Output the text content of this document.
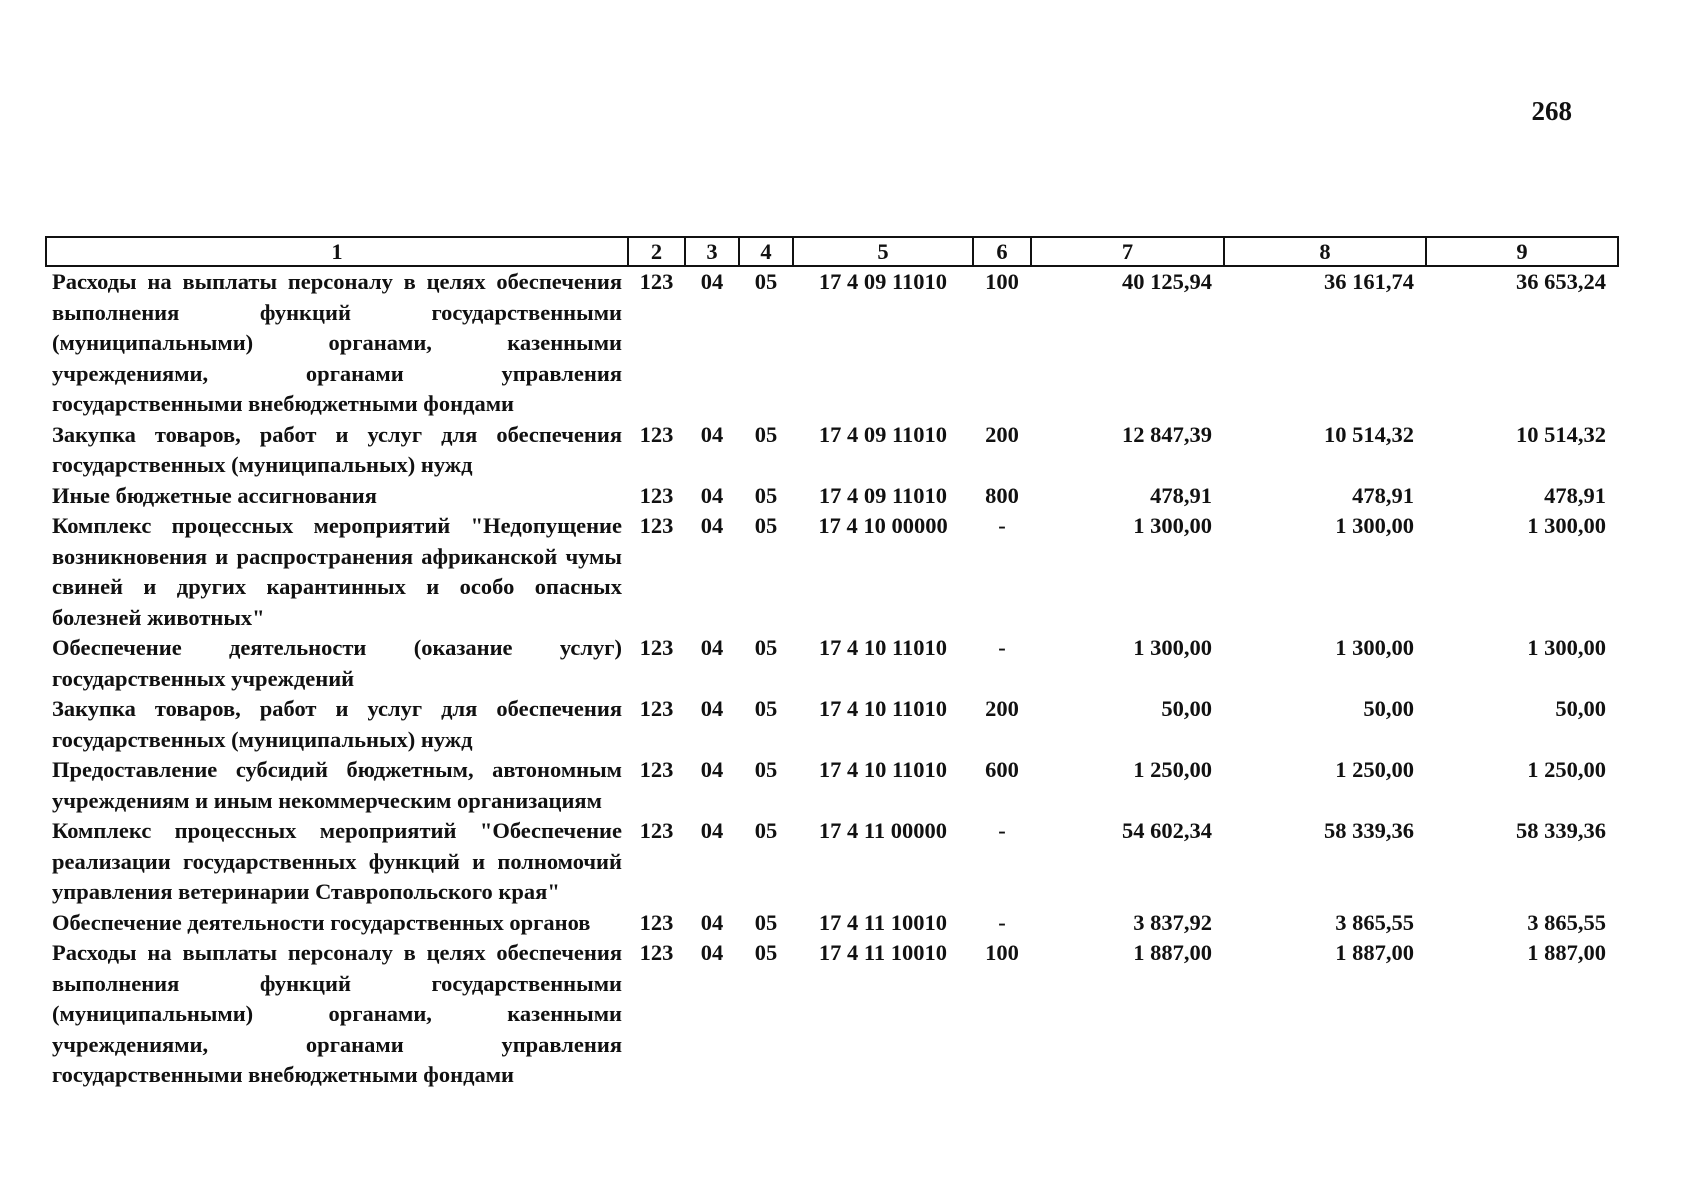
268
1	2	3	4	5	6	7	8	9
Расходы на выплаты персоналу в целях обеспечения выполнения функций государственными (муниципальными) органами, казенными учреждениями, органами управления государственными внебюджетными фондами	123	04	05	17 4 09 11010	100	40 125,94	36 161,74	36 653,24
Закупка товаров, работ и услуг для обеспечения государственных (муниципальных) нужд	123	04	05	17 4 09 11010	200	12 847,39	10 514,32	10 514,32
Иные бюджетные ассигнования	123	04	05	17 4 09 11010	800	478,91	478,91	478,91
Комплекс процессных мероприятий "Недопущение возникновения и распространения африканской чумы свиней и других карантинных и особо опасных болезней животных"	123	04	05	17 4 10 00000	-	1 300,00	1 300,00	1 300,00
Обеспечение деятельности (оказание услуг) государственных учреждений	123	04	05	17 4 10 11010	-	1 300,00	1 300,00	1 300,00
Закупка товаров, работ и услуг для обеспечения государственных (муниципальных) нужд	123	04	05	17 4 10 11010	200	50,00	50,00	50,00
Предоставление субсидий бюджетным, автономным учреждениям и иным некоммерческим организациям	123	04	05	17 4 10 11010	600	1 250,00	1 250,00	1 250,00
Комплекс процессных мероприятий "Обеспечение реализации государственных функций и полномочий управления ветеринарии Ставропольского края"	123	04	05	17 4 11 00000	-	54 602,34	58 339,36	58 339,36
Обеспечение деятельности государственных органов	123	04	05	17 4 11 10010	-	3 837,92	3 865,55	3 865,55
Расходы на выплаты персоналу в целях обеспечения выполнения функций государственными (муниципальными) органами, казенными учреждениями, органами управления государственными внебюджетными фондами	123	04	05	17 4 11 10010	100	1 887,00	1 887,00	1 887,00
